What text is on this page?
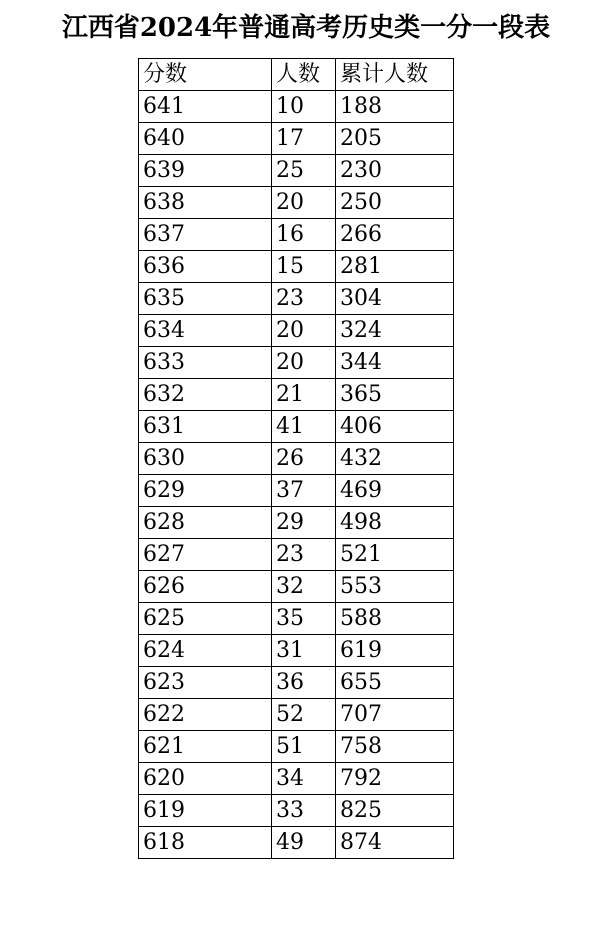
江西省2024年普通高考历史类一分一段表
分数	人数	累计人数
641	10	188
640	17	205
639	25	230
638	20	250
637	16	266
636	15	281
635	23	304
634	20	324
633	20	344
632	21	365
631	41	406
630	26	432
629	37	469
628	29	498
627	23	521
626	32	553
625	35	588
624	31	619
623	36	655
622	52	707
621	51	758
620	34	792
619	33	825
618	49	874
